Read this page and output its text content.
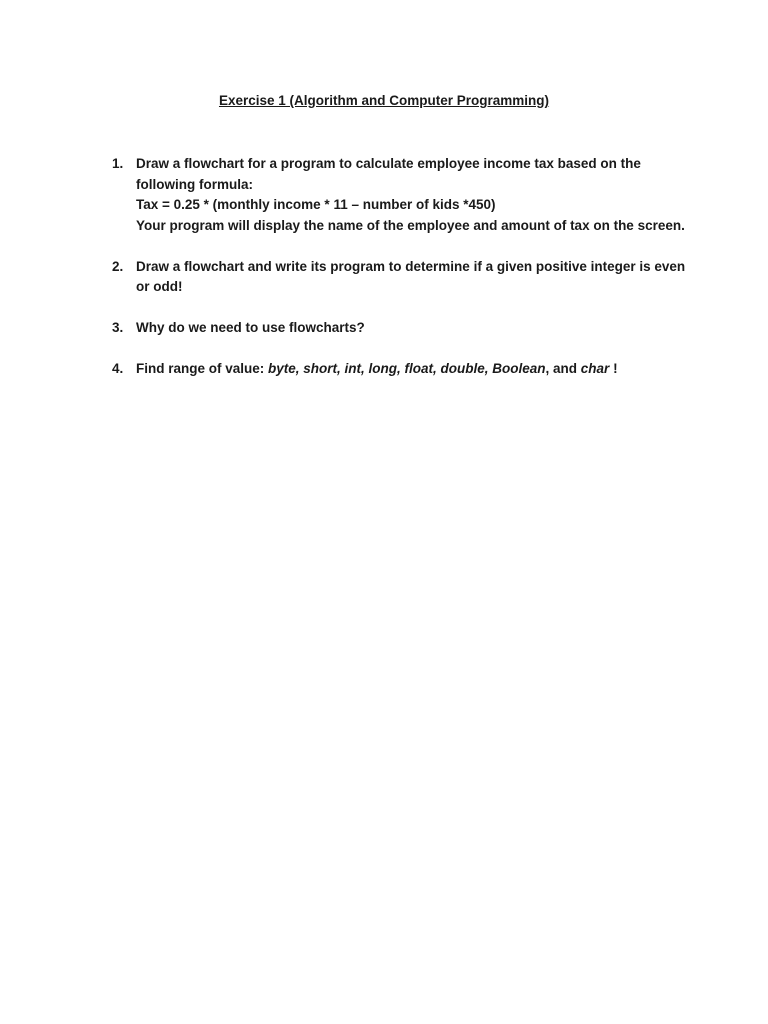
Exercise 1 (Algorithm and Computer Programming)
1. Draw a flowchart for a program to calculate employee income tax based on the following formula:

Tax = 0.25 * (monthly income * 11 – number of kids *450)

Your program will display the name of the employee and amount of tax on the screen.

2. Draw a flowchart and write its program to determine if a given positive integer is even or odd!

3. Why do we need to use flowcharts?

4. Find range of value: byte, short, int, long, float, double, Boolean, and char !
